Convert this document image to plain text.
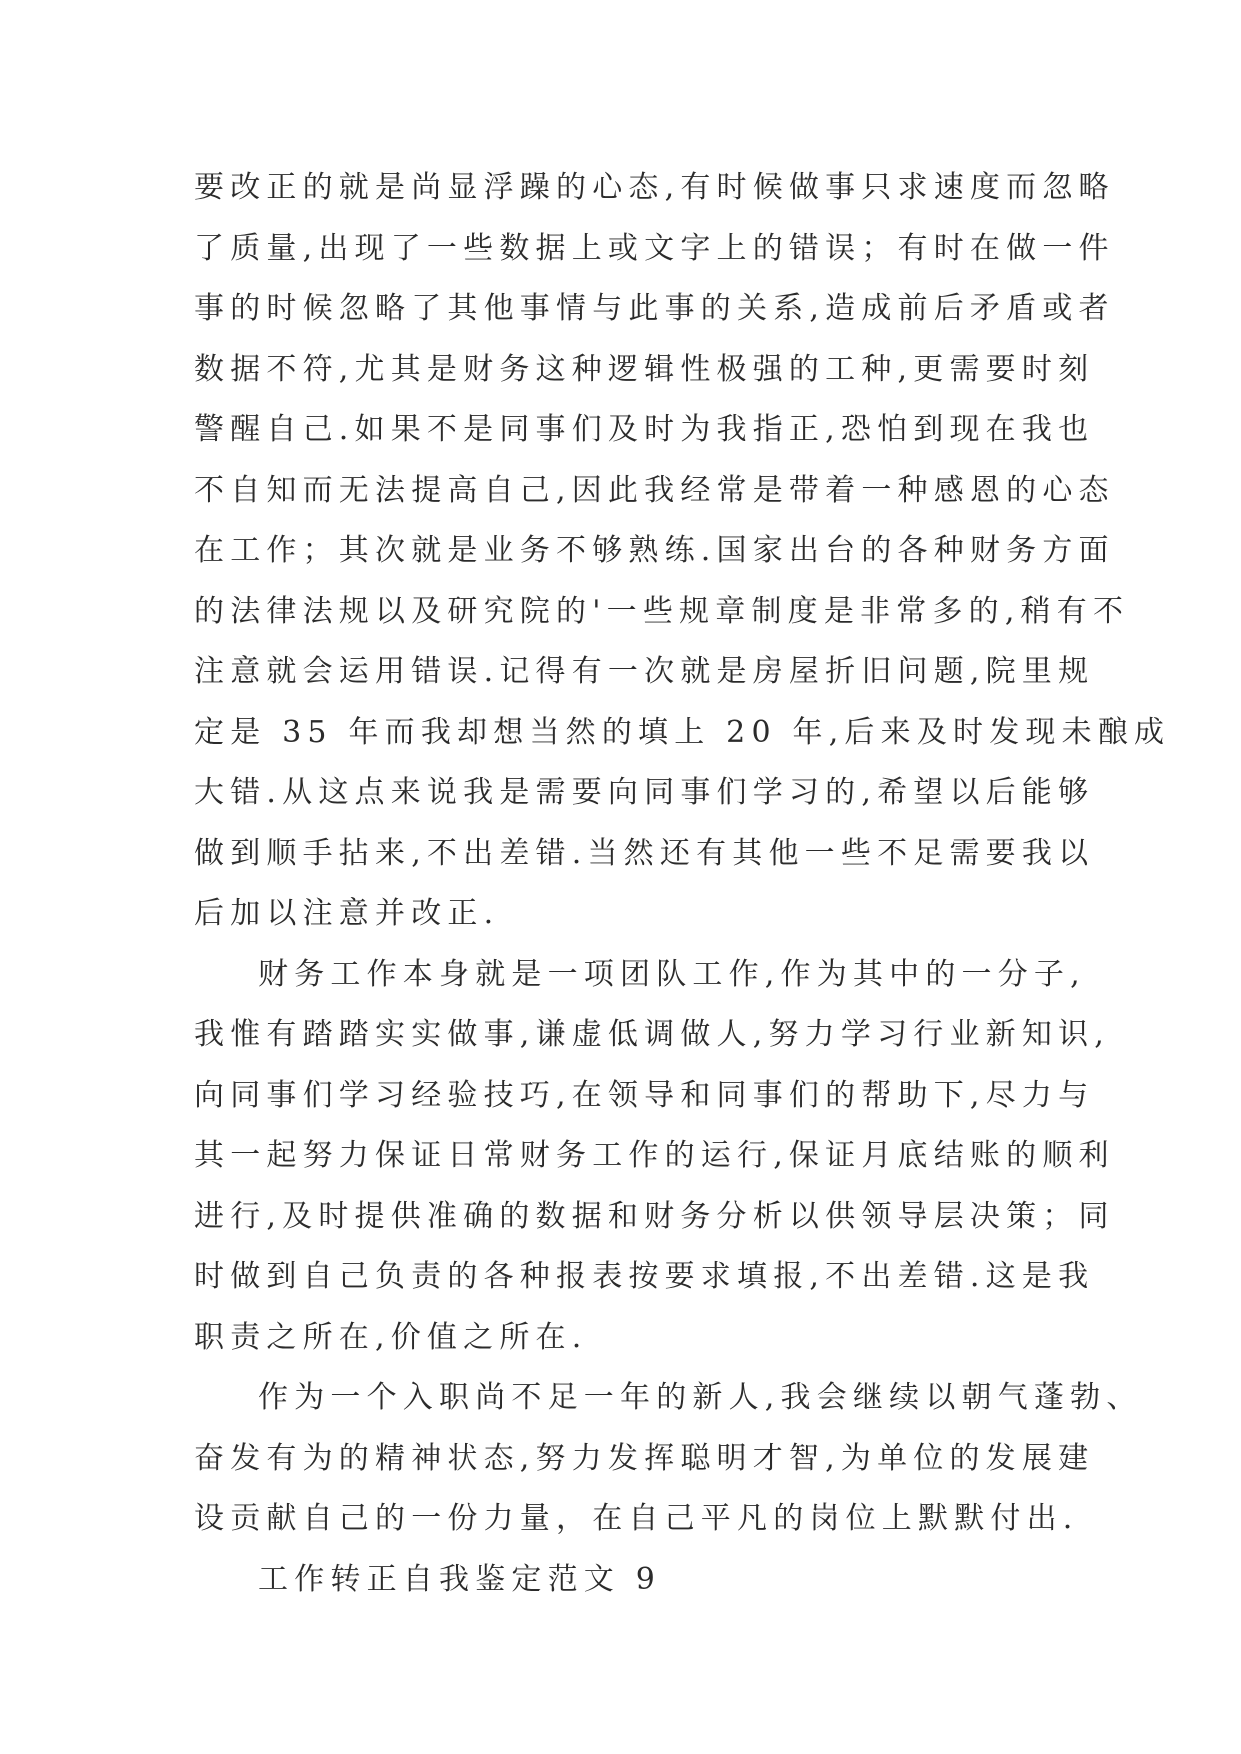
要改正的就是尚显浮躁的心态,有时候做事只求速度而忽略
了质量,出现了一些数据上或文字上的错误；有时在做一件
事的时候忽略了其他事情与此事的关系,造成前后矛盾或者
数据不符,尤其是财务这种逻辑性极强的工种,更需要时刻
警醒自己.如果不是同事们及时为我指正,恐怕到现在我也
不自知而无法提高自己,因此我经常是带着一种感恩的心态
在工作；其次就是业务不够熟练.国家出台的各种财务方面
的法律法规以及研究院的'一些规章制度是非常多的,稍有不
注意就会运用错误.记得有一次就是房屋折旧问题,院里规
定是 35 年而我却想当然的填上 20 年,后来及时发现未酿成
大错.从这点来说我是需要向同事们学习的,希望以后能够
做到顺手拈来,不出差错.当然还有其他一些不足需要我以
后加以注意并改正.
财务工作本身就是一项团队工作,作为其中的一分子,
我惟有踏踏实实做事,谦虚低调做人,努力学习行业新知识,
向同事们学习经验技巧,在领导和同事们的帮助下,尽力与
其一起努力保证日常财务工作的运行,保证月底结账的顺利
进行,及时提供准确的数据和财务分析以供领导层决策；同
时做到自己负责的各种报表按要求填报,不出差错.这是我
职责之所在,价值之所在.
作为一个入职尚不足一年的新人,我会继续以朝气蓬勃、
奋发有为的精神状态,努力发挥聪明才智,为单位的发展建
设贡献自己的一份力量，在自己平凡的岗位上默默付出.
工作转正自我鉴定范文 9
